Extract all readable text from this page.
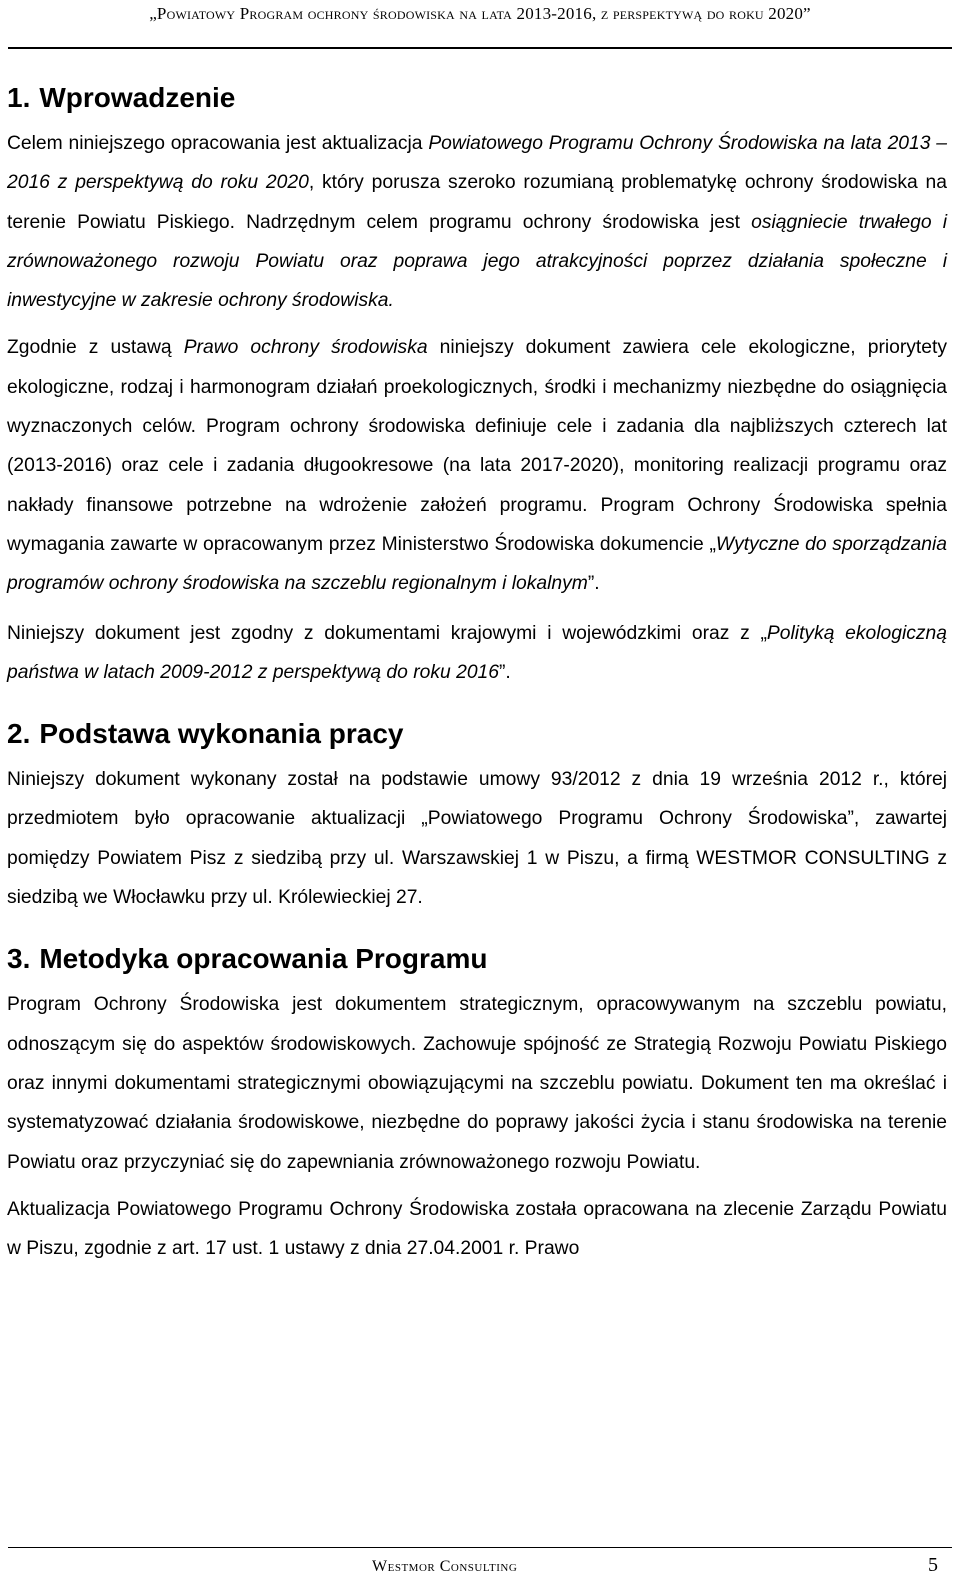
„Powiatowy Program ochrony środowiska na lata 2013-2016, z perspektywą do roku 2020”
1. Wprowadzenie

Celem niniejszego opracowania jest aktualizacja Powiatowego Programu Ochrony Środowiska na lata 2013 – 2016 z perspektywą do roku 2020, który porusza szeroko rozumianą problematykę ochrony środowiska na terenie Powiatu Piskiego. Nadrzędnym celem programu ochrony środowiska jest osiągniecie trwałego i zrównoważonego rozwoju Powiatu oraz poprawa jego atrakcyjności poprzez działania społeczne i inwestycyjne w zakresie ochrony środowiska.

Zgodnie z ustawą Prawo ochrony środowiska niniejszy dokument zawiera cele ekologiczne, priorytety ekologiczne, rodzaj i harmonogram działań proekologicznych, środki i mechanizmy niezbędne do osiągnięcia wyznaczonych celów. Program ochrony środowiska definiuje cele i zadania dla najbliższych czterech lat (2013-2016) oraz cele i zadania długookresowe (na lata 2017-2020), monitoring realizacji programu oraz nakłady finansowe potrzebne na wdrożenie założeń programu. Program Ochrony Środowiska spełnia wymagania zawarte w opracowanym przez Ministerstwo Środowiska dokumencie „Wytyczne do sporządzania programów ochrony środowiska na szczeblu regionalnym i lokalnym”.

Niniejszy dokument jest zgodny z dokumentami krajowymi i wojewódzkimi oraz z „Polityką ekologiczną państwa w latach 2009-2012 z perspektywą do roku 2016”.

2. Podstawa wykonania pracy

Niniejszy dokument wykonany został na podstawie umowy 93/2012 z dnia 19 września 2012 r., której przedmiotem było opracowanie aktualizacji „Powiatowego Programu Ochrony Środowiska”, zawartej pomiędzy Powiatem Pisz z siedzibą przy ul. Warszawskiej 1 w Piszu, a firmą WESTMOR CONSULTING z siedzibą we Włocławku przy ul. Królewieckiej 27.

3. Metodyka opracowania Programu

Program Ochrony Środowiska jest dokumentem strategicznym, opracowywanym na szczeblu powiatu, odnoszącym się do aspektów środowiskowych. Zachowuje spójność ze Strategią Rozwoju Powiatu Piskiego oraz innymi dokumentami strategicznymi obowiązującymi na szczeblu powiatu. Dokument ten ma określać i systematyzować działania środowiskowe, niezbędne do poprawy jakości życia i stanu środowiska na terenie Powiatu oraz przyczyniać się do zapewniania zrównoważonego rozwoju Powiatu.

Aktualizacja Powiatowego Programu Ochrony Środowiska została opracowana na zlecenie Zarządu Powiatu w Piszu, zgodnie z art. 17 ust. 1 ustawy z dnia 27.04.2001 r. Prawo

Westmor Consulting	5
